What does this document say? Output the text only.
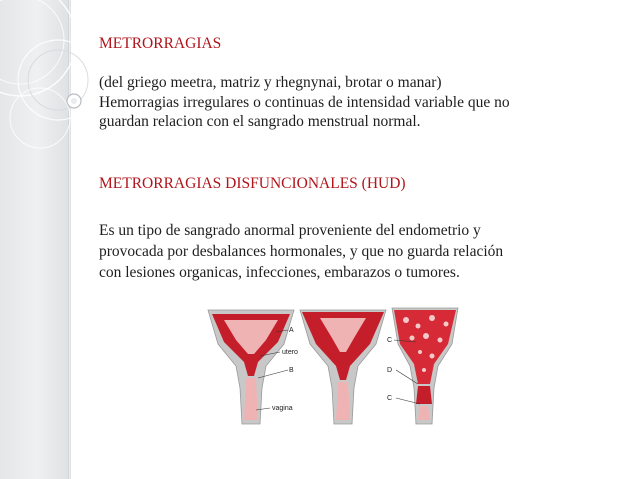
METRORRAGIAS
(del griego meetra, matriz y rhegnynai, brotar o manar)
Hemorragias irregulares o continuas de intensidad variable que no
guardan relacion con el sangrado menstrual normal.
METRORRAGIAS DISFUNCIONALES (HUD)
Es un tipo de sangrado anormal proveniente del endometrio y
provocada por desbalances hormonales, y que no guarda relación
con lesiones organicas, infecciones, embarazos o tumores.
A
utero
B
vagina
C
D
C
